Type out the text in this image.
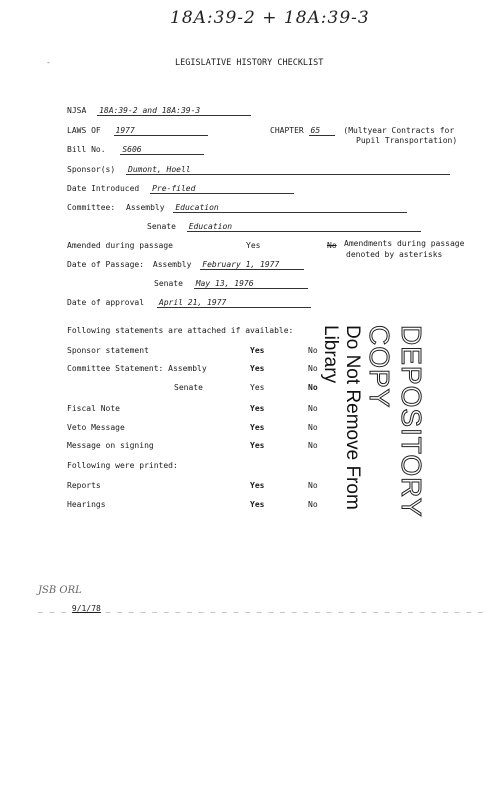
18A:39-2 + 18A:39-3
-	LEGISLATIVE HISTORY CHECKLIST
NJSA 18A:39-2 and 18A:39-3
LAWS OF 1977	CHAPTER 65	(Multyear Contracts for
Pupil Transportation)
Bill No. S606
Sponsor(s) Dumont, Hoell
Date Introduced Pre-filed
Committee: Assembly Education
Senate Education
Amended during passage	Yes	No Amendments during passage
denoted by asterisks
Date of Passage: Assembly February 1, 1977
Senate May 13, 1976
Date of approval April 21, 1977
Following statements are attached if available:
Sponsor statement	Yes	No
Committee Statement: Assembly	Yes	No
Senate	Yes	No
Fiscal Note	Yes	No
Veto Message	Yes	No
Message on signing	Yes	No
Following were printed:
Reports	Yes	No
Hearings	Yes	No	DEPOSITORY COPY
Do Not Remove From Library
JSB ORL
_ _ _ 9/1/78 _ _ _ _ _ _ _ _ _ _ _ _ _ _ _ _ _ _ _ _ _ _ _ _ _ _ _ _ _ _ _ _ _
